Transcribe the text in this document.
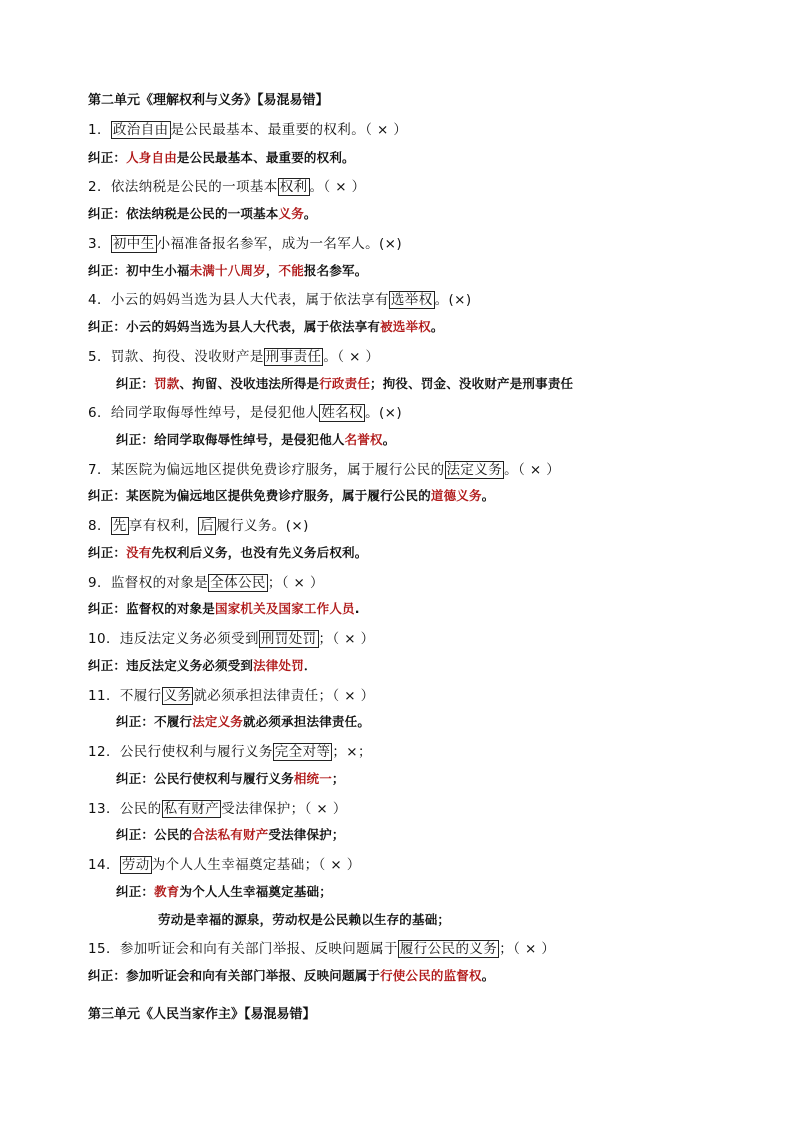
第二单元《理解权利与义务》【易混易错】
1． 政治自由 是公民最基本、最重要的权利。（ × ）
纠正：人身自由是公民最基本、最重要的权利。
2．依法纳税是公民的一项基本 权利 。（ × ）
纠正：依法纳税是公民的一项基本义务。
3． 初中生 小福准备报名参军，成为一名军人。(×)
纠正：初中生小福未满十八周岁，不能报名参军。
4．小云的妈妈当选为县人大代表，属于依法享有 选举权 。(×)
纠正：小云的妈妈当选为县人大代表，属于依法享有被选举权。
5．罚款、拘役、没收财产是 刑事责任 。（ × ）
纠正：罚款、拘留、没收违法所得是行政责任；拘役、罚金、没收财产是刑事责任
6．给同学取侮辱性绰号，是侵犯他人 姓名权 。(×)
纠正：给同学取侮辱性绰号，是侵犯他人名誉权。
7．某医院为偏远地区提供免费诊疗服务，属于履行公民的 法定义务 。（ × ）
纠正：某医院为偏远地区提供免费诊疗服务，属于履行公民的道德义务。
8． 先 享有权利， 后 履行义务。(×)
纠正：没有先权利后义务，也没有先义务后权利。
9．监督权的对象是 全体公民 ；（ × ）
纠正：监督权的对象是国家机关及国家工作人员.
10．违反法定义务必须受到 刑罚处罚 ；（ × ）
纠正：违反法定义务必须受到法律处罚．
11．不履行 义务 就必须承担法律责任；（ × ）
纠正：不履行法定义务就必须承担法律责任。
12．公民行使权利与履行义务 完全对等 ；×；
纠正：公民行使权利与履行义务相统一；
13．公民的 私有财产 受法律保护；（ × ）
纠正：公民的合法私有财产受法律保护；
14． 劳动 为个人人生幸福奠定基础；（ × ）
纠正：教育为个人人生幸福奠定基础；
劳动是幸福的源泉，劳动权是公民赖以生存的基础；
15．参加听证会和向有关部门举报、反映问题属于 履行公民的义务 ；（ × ）
纠正：参加听证会和向有关部门举报、反映问题属于行使公民的监督权。
第三单元《人民当家作主》【易混易错】
